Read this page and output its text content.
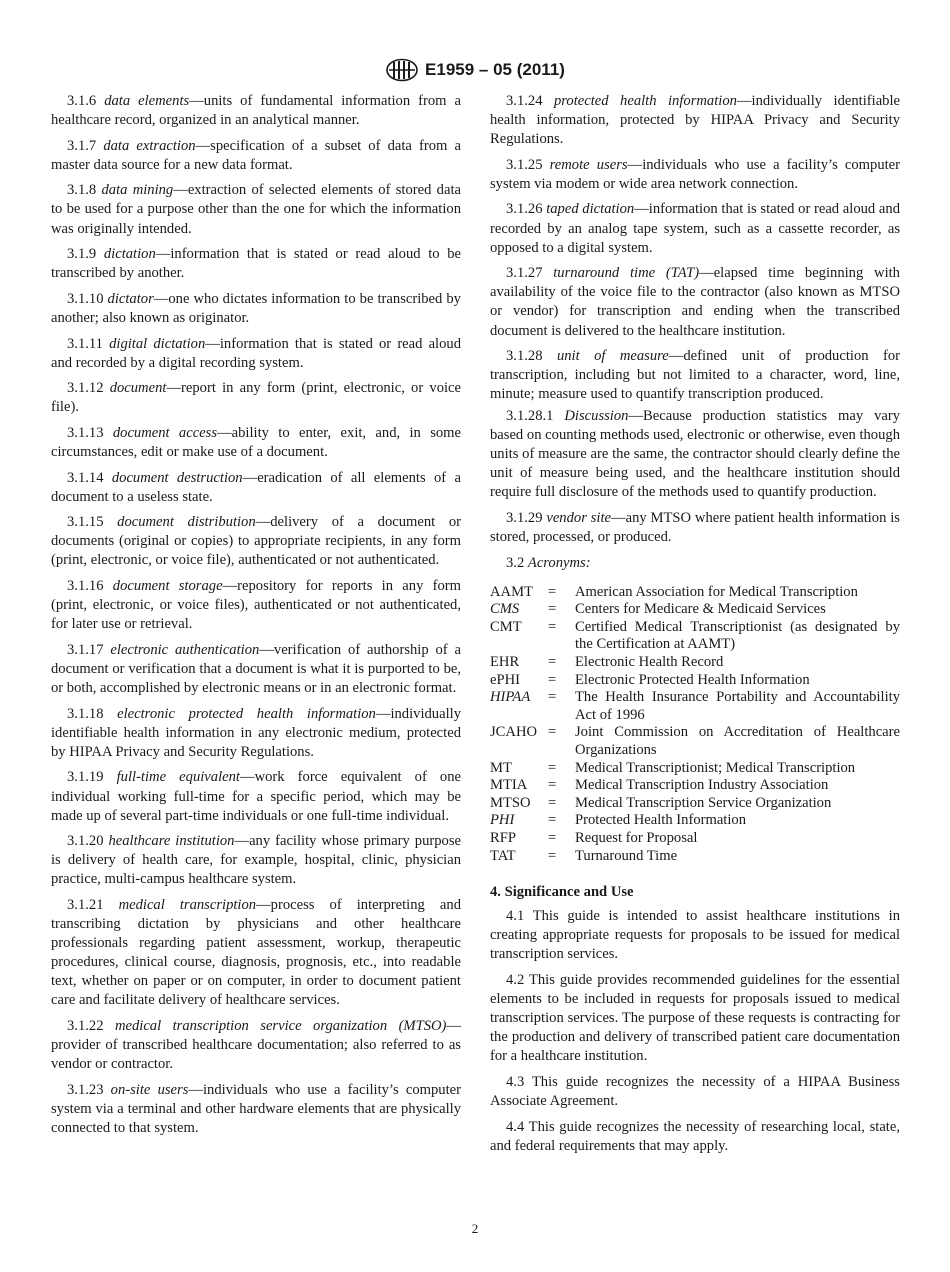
E1959 – 05 (2011)

3.1.6 data elements—units of fundamental information from a healthcare record, organized in an analytical manner.

3.1.7 data extraction—specification of a subset of data from a master data source for a new data format.

3.1.8 data mining—extraction of selected elements of stored data to be used for a purpose other than the one for which the information was originally intended.

3.1.9 dictation—information that is stated or read aloud to be transcribed by another.

3.1.10 dictator—one who dictates information to be transcribed by another; also known as originator.

3.1.11 digital dictation—information that is stated or read aloud and recorded by a digital recording system.

3.1.12 document—report in any form (print, electronic, or voice file).

3.1.13 document access—ability to enter, exit, and, in some circumstances, edit or make use of a document.

3.1.14 document destruction—eradication of all elements of a document to a useless state.

3.1.15 document distribution—delivery of a document or documents (original or copies) to appropriate recipients, in any form (print, electronic, or voice file), authenticated or not authenticated.

3.1.16 document storage—repository for reports in any form (print, electronic, or voice files), authenticated or not authenticated, for later use or retrieval.

3.1.17 electronic authentication—verification of authorship of a document or verification that a document is what it is purported to be, or both, accomplished by electronic means or in an electronic format.

3.1.18 electronic protected health information—individually identifiable health information in any electronic medium, protected by HIPAA Privacy and Security Regulations.

3.1.19 full-time equivalent—work force equivalent of one individual working full-time for a specific period, which may be made up of several part-time individuals or one full-time individual.

3.1.20 healthcare institution—any facility whose primary purpose is delivery of health care, for example, hospital, clinic, physician practice, multi-campus healthcare system.

3.1.21 medical transcription—process of interpreting and transcribing dictation by physicians and other healthcare professionals regarding patient assessment, workup, therapeutic procedures, clinical course, diagnosis, prognosis, etc., into readable text, whether on paper or on computer, in order to document patient care and facilitate delivery of healthcare services.

3.1.22 medical transcription service organization (MTSO)—provider of transcribed healthcare documentation; also referred to as vendor or contractor.

3.1.23 on-site users—individuals who use a facility’s computer system via a terminal and other hardware elements that are physically connected to that system.

3.1.24 protected health information—individually identifiable health information, protected by HIPAA Privacy and Security Regulations.

3.1.25 remote users—individuals who use a facility’s computer system via modem or wide area network connection.

3.1.26 taped dictation—information that is stated or read aloud and recorded by an analog tape system, such as a cassette recorder, as opposed to a digital system.

3.1.27 turnaround time (TAT)—elapsed time beginning with availability of the voice file to the contractor (also known as MTSO or vendor) for transcription and ending when the transcribed document is delivered to the healthcare institution.

3.1.28 unit of measure—defined unit of production for transcription, including but not limited to a character, word, line, minute; measure used to quantify transcription produced.

3.1.28.1 Discussion—Because production statistics may vary based on counting methods used, electronic or otherwise, even though units of measure are the same, the contractor should clearly define the unit of measure being used, and the healthcare institution should require full disclosure of the methods used to quantify production.

3.1.29 vendor site—any MTSO where patient health information is stored, processed, or produced.

3.2 Acronyms:

AAMT	=	American Association for Medical Transcription
CMS	=	Centers for Medicare & Medicaid Services
CMT	=	Certified Medical Transcriptionist (as designated by the Certification at AAMT)
EHR	=	Electronic Health Record
ePHI	=	Electronic Protected Health Information
HIPAA	=	The Health Insurance Portability and Accountability Act of 1996
JCAHO	=	Joint Commission on Accreditation of Healthcare Organizations
MT	=	Medical Transcriptionist; Medical Transcription
MTIA	=	Medical Transcription Industry Association
MTSO	=	Medical Transcription Service Organization
PHI	=	Protected Health Information
RFP	=	Request for Proposal
TAT	=	Turnaround Time
4. Significance and Use

4.1 This guide is intended to assist healthcare institutions in creating appropriate requests for proposals to be issued for medical transcription services.

4.2 This guide provides recommended guidelines for the essential elements to be included in requests for proposals issued to medical transcription services. The purpose of these requests is contracting for the production and delivery of transcribed patient care documentation for a healthcare institution.

4.3 This guide recognizes the necessity of a HIPAA Business Associate Agreement.

4.4 This guide recognizes the necessity of researching local, state, and federal requirements that may apply.

2
